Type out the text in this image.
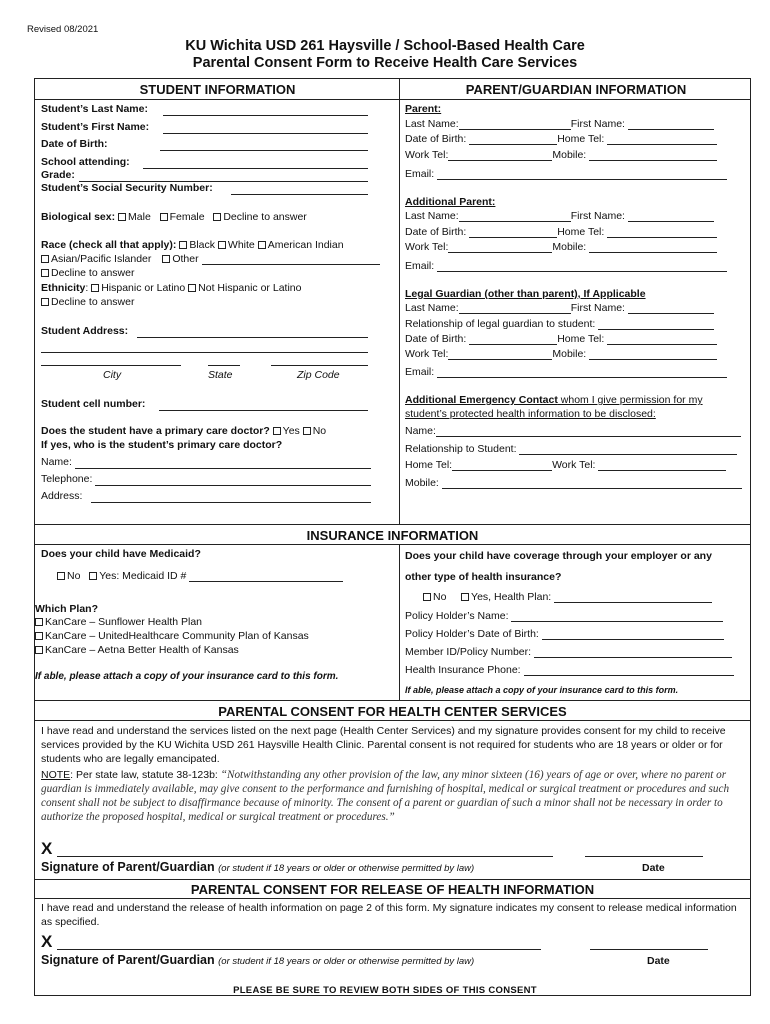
Revised 08/2021
KU Wichita USD 261 Haysville / School-Based Health Care
Parental Consent Form to Receive Health Care Services
STUDENT INFORMATION	PARENT/GUARDIAN INFORMATION
Student’s Last Name:
Student’s First Name:
Date of Birth:
School attending:
Grade:
Student’s Social Security Number:
Biological sex: Male Female Decline to answer
Race (check all that apply): Black White American Indian
Asian/Pacific Islander Other
Decline to answer
Ethnicity: Hispanic or Latino Not Hispanic or Latino
Decline to answer
Student Address:
City	State	Zip Code
Student cell number:
Does the student have a primary care doctor? Yes No
If yes, who is the student’s primary care doctor?
Name:
Telephone:
Address:
Parent:
Last Name:	First Name:
Date of Birth:	Home Tel:
Work Tel:	Mobile:
Email:
Additional Parent:
Last Name:	First Name:
Date of Birth:	Home Tel:
Work Tel:	Mobile:
Email:
Legal Guardian (other than parent), If Applicable
Last Name:	First Name:
Relationship of legal guardian to student:
Date of Birth:	Home Tel:
Work Tel:	Mobile:
Email:
Additional Emergency Contact whom I give permission for my
student’s protected health information to be disclosed:
Name:
Relationship to Student:
Home Tel:	Work Tel:
Mobile:
INSURANCE INFORMATION
Does your child have Medicaid?
No Yes: Medicaid ID #
Which Plan?
KanCare – Sunflower Health Plan
KanCare – UnitedHealthcare Community Plan of Kansas
KanCare – Aetna Better Health of Kansas
If able, please attach a copy of your insurance card to this form.
Does your child have coverage through your employer or any
other type of health insurance?
No Yes, Health Plan:
Policy Holder’s Name:
Policy Holder’s Date of Birth:
Member ID/Policy Number:
Health Insurance Phone:
If able, please attach a copy of your insurance card to this form.
PARENTAL CONSENT FOR HEALTH CENTER SERVICES
I have read and understand the services listed on the next page (Health Center Services) and my signature provides consent for my child to receive services provided by the KU Wichita USD 261 Haysville Health Clinic. Parental consent is not required for students who are 18 years or older or for students who are legally emancipated.
NOTE: Per state law, statute 38-123b: “Notwithstanding any other provision of the law, any minor sixteen (16) years of age or over, where no parent or guardian is immediately available, may give consent to the performance and furnishing of hospital, medical or surgical treatment or procedures and such consent shall not be subject to disaffirmance because of minority. The consent of a parent or guardian of such a minor shall not be necessary in order to authorize the proposed hospital, medical or surgical treatment or procedures.”
X
Signature of Parent/Guardian (or student if 18 years or older or otherwise permitted by law)	Date
PARENTAL CONSENT FOR RELEASE OF HEALTH INFORMATION
I have read and understand the release of health information on page 2 of this form. My signature indicates my consent to release medical information as specified.
X
Signature of Parent/Guardian (or student if 18 years or older or otherwise permitted by law)	Date
PLEASE BE SURE TO REVIEW BOTH SIDES OF THIS CONSENT
